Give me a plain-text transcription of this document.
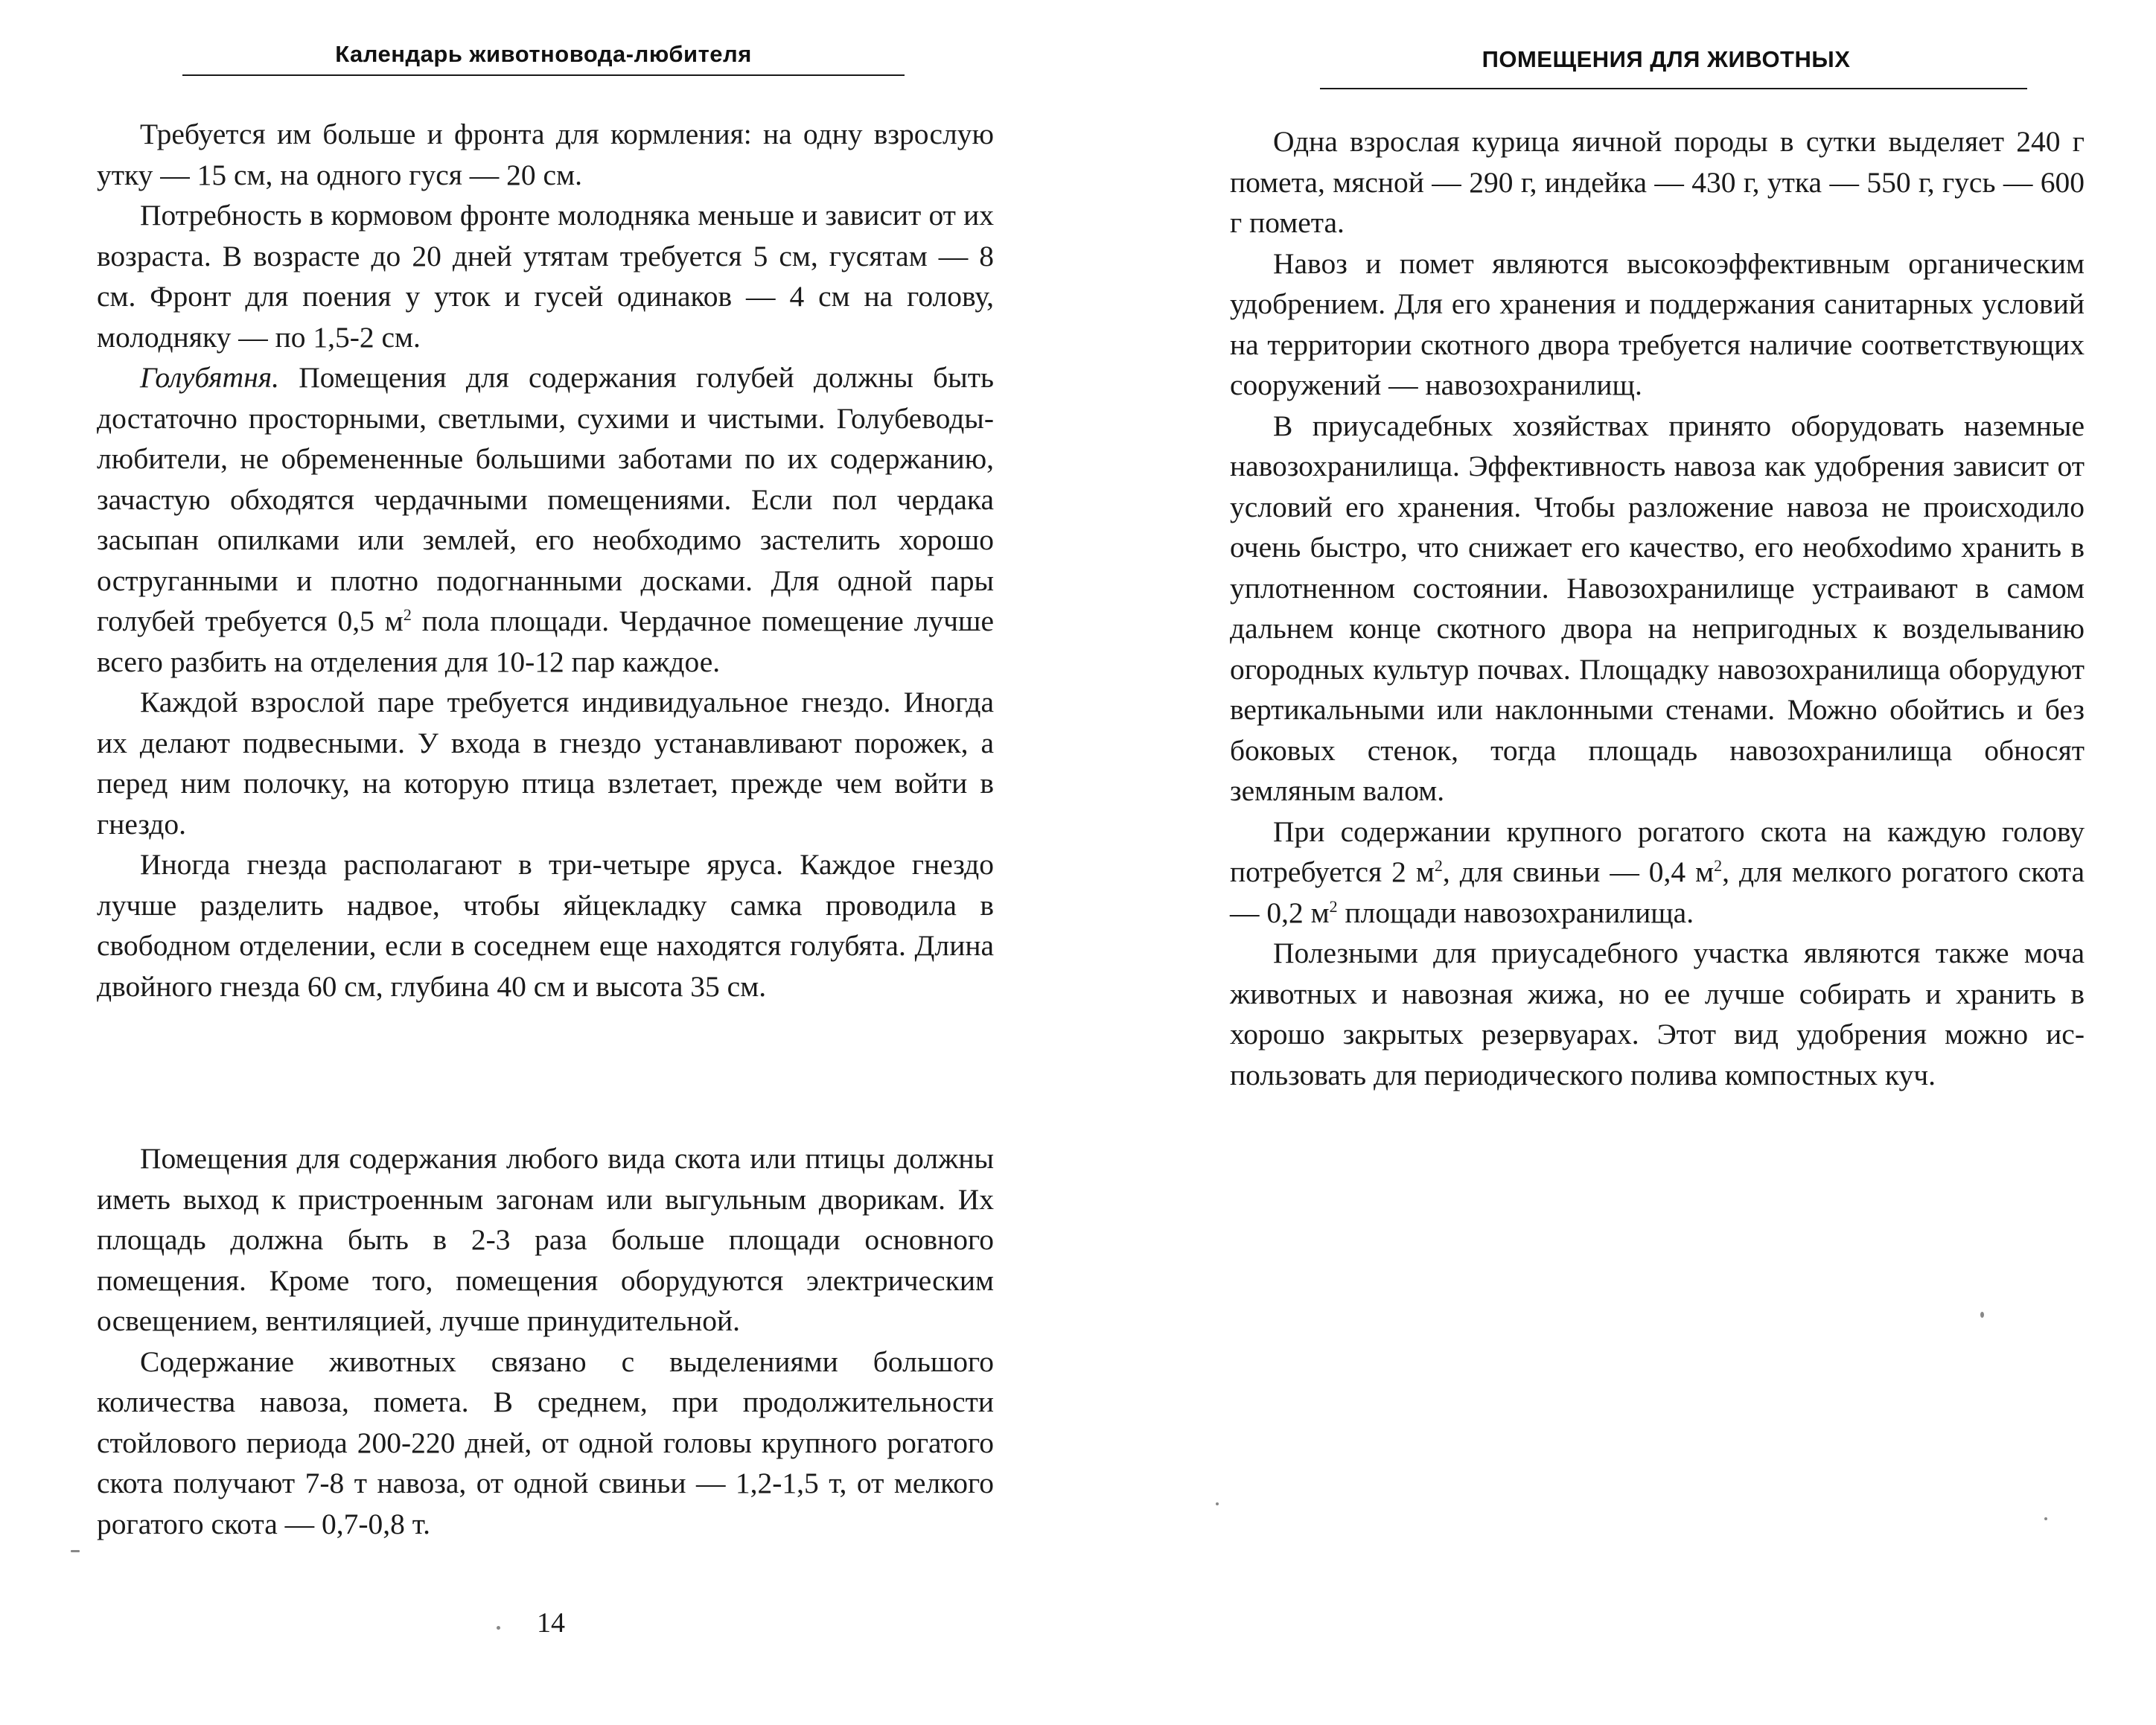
Календарь животновода-любителя

Требуется им больше и фронта для кормления: на одну взрослую утку — 15 см, на одного гуся — 20 см.

Потребность в кормовом фронте молодняка меньше и зависит от их возраста. В возрасте до 20 дней утятам требуется 5 см, гусятам — 8 см. Фронт для поения у уток и гусей одинаков — 4 см на голову, молодняку — по 1,5-2 см.

Голубятня. Помещения для содержания голубей должны быть достаточно просторными, светлыми, сухими и чистыми. Голубеводы-любители, не обремененные большими заботами по их содержанию, зачастую обходятся чердачными помещениями. Если пол чердака засыпан опилками или землей, его необходимо застелить хорошо оструганными и плотно подогнанными досками. Для одной пары голубей требуется 0,5 $м^2$ пола площади. Чердачное помещение лучше всего разбить на отделения для 10-12 пар каждое.

Каждой взрослой паре требуется индивидуальное гнездо. Иногда их делают подвесными. У входа в гнездо устанавливают порожек, а перед ним полочку, на которую птица взлетает, прежде чем войти в гнездо.

Иногда гнезда располагают в три-четыре яруса. Каждое гнездо лучше разделить надвое, чтобы яйцекладку самка проводила в свободном отделении, если в соседнем еще находятся голубята. Длина двойного гнезда 60 см, глубина 40 см и высота 35 см.

Помещения для содержания любого вида скота или птицы должны иметь выход к пристроенным загонам или выгульным дворикам. Их площадь должна быть в 2-3 раза больше площади основного помещения. Кроме того, помещения оборудуются электрическим освещением, вентиляцией, лучше принудительной.

Содержание животных связано с выделениями большого количества навоза, помета. В среднем, при продолжительности стойлового периода 200-220 дней, от одной головы крупного рогатого скота получают 7-8 т навоза, от одной свиньи — 1,2-1,5 т, от мелкого рогатого скота — 0,7-0,8 т.

14
ПОМЕЩЕНИЯ ДЛЯ ЖИВОТНЫХ

Одна взрослая курица яичной породы в сутки выделяет 240 г помета, мясной — 290 г, индейка — 430 г, утка — 550 г, гусь — 600 г помета.

Навоз и помет являются высокоэффективным органическим удобрением. Для его хранения и поддержания санитарных условий на территории скотного двора требуется наличие соответствующих сооружений — навозохранилищ.

В приусадебных хозяйствах принято оборудовать наземные навозохранилища. Эффективность навоза как удобрения зависит от условий его хранения. Чтобы разложение навоза не происходило очень быстро, что снижает его качество, его необхоdимо хранить в уплотненном состоянии. Навозохранилище устраивают в самом дальнем конце скотного двора на непригодных к возделыванию огородных культур почвах. Площадку навозохранилища оборудуют вертикальными или наклонными стенами. Можно обойтись и без боковых стенок, тогда площадь навозохранилища обносят земляным валом.

При содержании крупного рогатого скота на каждую голову потребуется 2 $м^2$, для свиньи — 0,4 $м^2$, для мелкого рогатого скота — 0,2 $м^2$ площади навозохранилища.

Полезными для приусадебного участка являются также моча животных и навозная жижа, но ее лучше собирать и хранить в хорошо закрытых резервуарах. Этот вид удобрения можно использовать для периодического полива компостных куч.
